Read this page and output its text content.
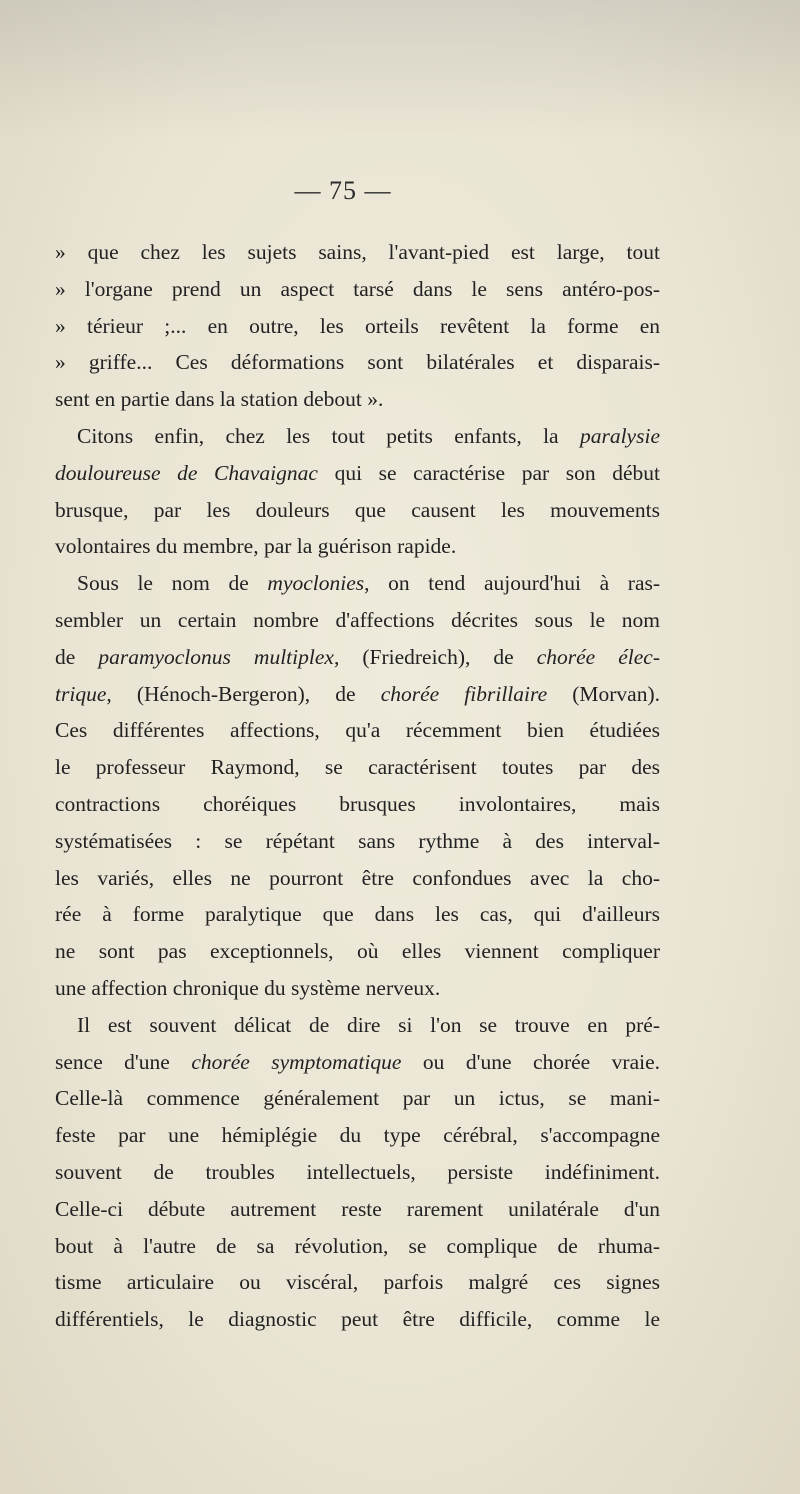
— 75 —
» que chez les sujets sains, l'avant-pied est large, tout
» l'organe prend un aspect tarsé dans le sens antéro-pos-
» térieur ;... en outre, les orteils revêtent la forme en
» griffe... Ces déformations sont bilatérales et disparais-
sent en partie dans la station debout ».
Citons enfin, chez les tout petits enfants, la paralysie
douloureuse de Chavaignac qui se caractérise par son début
brusque, par les douleurs que causent les mouvements
volontaires du membre, par la guérison rapide.
Sous le nom de myoclonies, on tend aujourd'hui à ras-
sembler un certain nombre d'affections décrites sous le nom
de paramyoclonus multiplex, (Friedreich), de chorée élec-
trique, (Hénoch-Bergeron), de chorée fibrillaire (Morvan).
Ces différentes affections, qu'a récemment bien étudiées
le professeur Raymond, se caractérisent toutes par des
contractions choréiques brusques involontaires, mais
systématisées : se répétant sans rythme à des interval-
les variés, elles ne pourront être confondues avec la cho-
rée à forme paralytique que dans les cas, qui d'ailleurs
ne sont pas exceptionnels, où elles viennent compliquer
une affection chronique du système nerveux.
Il est souvent délicat de dire si l'on se trouve en pré-
sence d'une chorée symptomatique ou d'une chorée vraie.
Celle-là commence généralement par un ictus, se mani-
feste par une hémiplégie du type cérébral, s'accompagne
souvent de troubles intellectuels, persiste indéfiniment.
Celle-ci débute autrement reste rarement unilatérale d'un
bout à l'autre de sa révolution, se complique de rhuma-
tisme articulaire ou viscéral, parfois malgré ces signes
différentiels, le diagnostic peut être difficile, comme le
